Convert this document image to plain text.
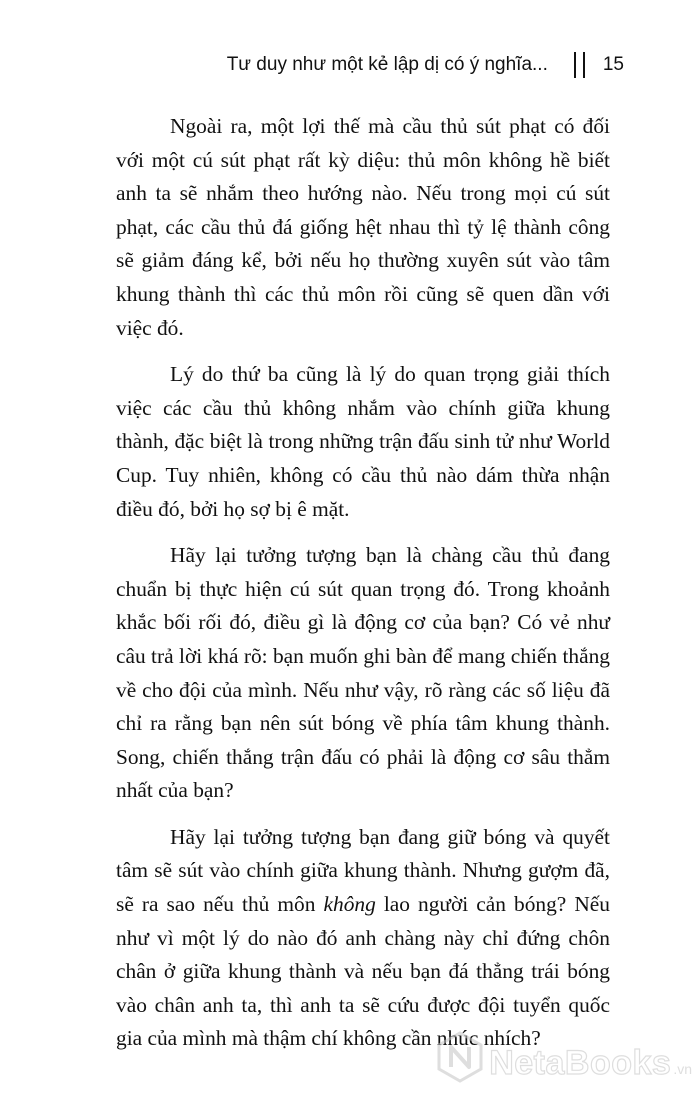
Tư duy như một kẻ lập dị có ý nghĩa...	15

Ngoài ra, một lợi thế mà cầu thủ sút phạt có đối với một cú sút phạt rất kỳ diệu: thủ môn không hề biết anh ta sẽ nhắm theo hướng nào. Nếu trong mọi cú sút phạt, các cầu thủ đá giống hệt nhau thì tỷ lệ thành công sẽ giảm đáng kể, bởi nếu họ thường xuyên sút vào tâm khung thành thì các thủ môn rồi cũng sẽ quen dần với việc đó.

Lý do thứ ba cũng là lý do quan trọng giải thích việc các cầu thủ không nhắm vào chính giữa khung thành, đặc biệt là trong những trận đấu sinh tử như World Cup. Tuy nhiên, không có cầu thủ nào dám thừa nhận điều đó, bởi họ sợ bị ê mặt.

Hãy lại tưởng tượng bạn là chàng cầu thủ đang chuẩn bị thực hiện cú sút quan trọng đó. Trong khoảnh khắc bối rối đó, điều gì là động cơ của bạn? Có vẻ như câu trả lời khá rõ: bạn muốn ghi bàn để mang chiến thắng về cho đội của mình. Nếu như vậy, rõ ràng các số liệu đã chỉ ra rằng bạn nên sút bóng về phía tâm khung thành. Song, chiến thắng trận đấu có phải là động cơ sâu thẳm nhất của bạn?

Hãy lại tưởng tượng bạn đang giữ bóng và quyết tâm sẽ sút vào chính giữa khung thành. Nhưng gượm đã, sẽ ra sao nếu thủ môn không lao người cản bóng? Nếu như vì một lý do nào đó anh chàng này chỉ đứng chôn chân ở giữa khung thành và nếu bạn đá thẳng trái bóng vào chân anh ta, thì anh ta sẽ cứu được đội tuyển quốc gia của mình mà thậm chí không cần nhúc nhích?

NetaBooks .vn
